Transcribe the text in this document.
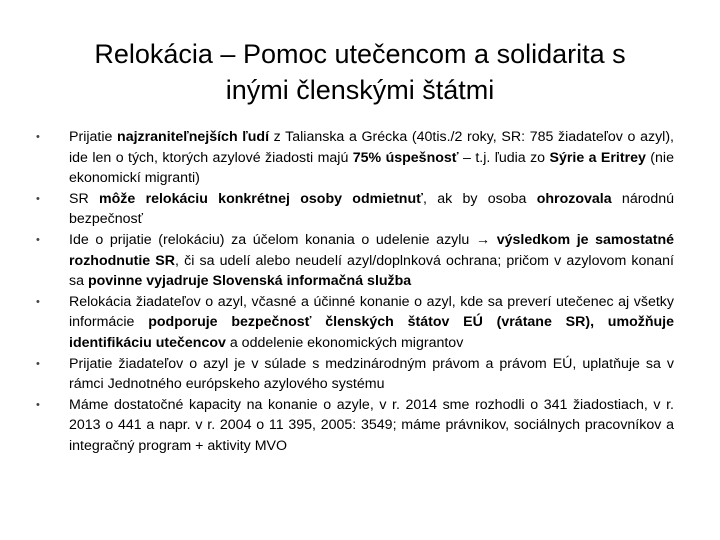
Relokácia – Pomoc utečencom a solidarita s inými členskými štátmi
• Prijatie najzraniteľnejších ľudí z Talianska a Grécka (40tis./2 roky, SR: 785 žiadateľov o azyl), ide len o tých, ktorých azylové žiadosti majú 75% úspešnosť – t.j. ľudia zo Sýrie a Eritrey (nie ekonomickí migranti)
• SR môže relokáciu konkrétnej osoby odmietnuť, ak by osoba ohrozovala národnú bezpečnosť
• Ide o prijatie (relokáciu) za účelom konania o udelenie azylu → výsledkom je samostatné rozhodnutie SR, či sa udelí alebo neudelí azyl/doplnková ochrana; pričom v azylovom konaní sa povinne vyjadruje Slovenská informačná služba
• Relokácia žiadateľov o azyl, včasné a účinné konanie o azyl, kde sa preverí utečenec aj všetky informácie podporuje bezpečnosť členských štátov EÚ (vrátane SR), umožňuje identifikáciu utečencov a oddelenie ekonomických migrantov
• Prijatie žiadateľov o azyl je v súlade s medzinárodným právom a právom EÚ, uplatňuje sa v rámci Jednotného európskeho azylového systému
• Máme dostatočné kapacity na konanie o azyle, v r. 2014 sme rozhodli o 341 žiadostiach, v r. 2013 o 441 a napr. v r. 2004 o 11 395, 2005: 3549; máme právnikov, sociálnych pracovníkov a integračný program + aktivity MVO
